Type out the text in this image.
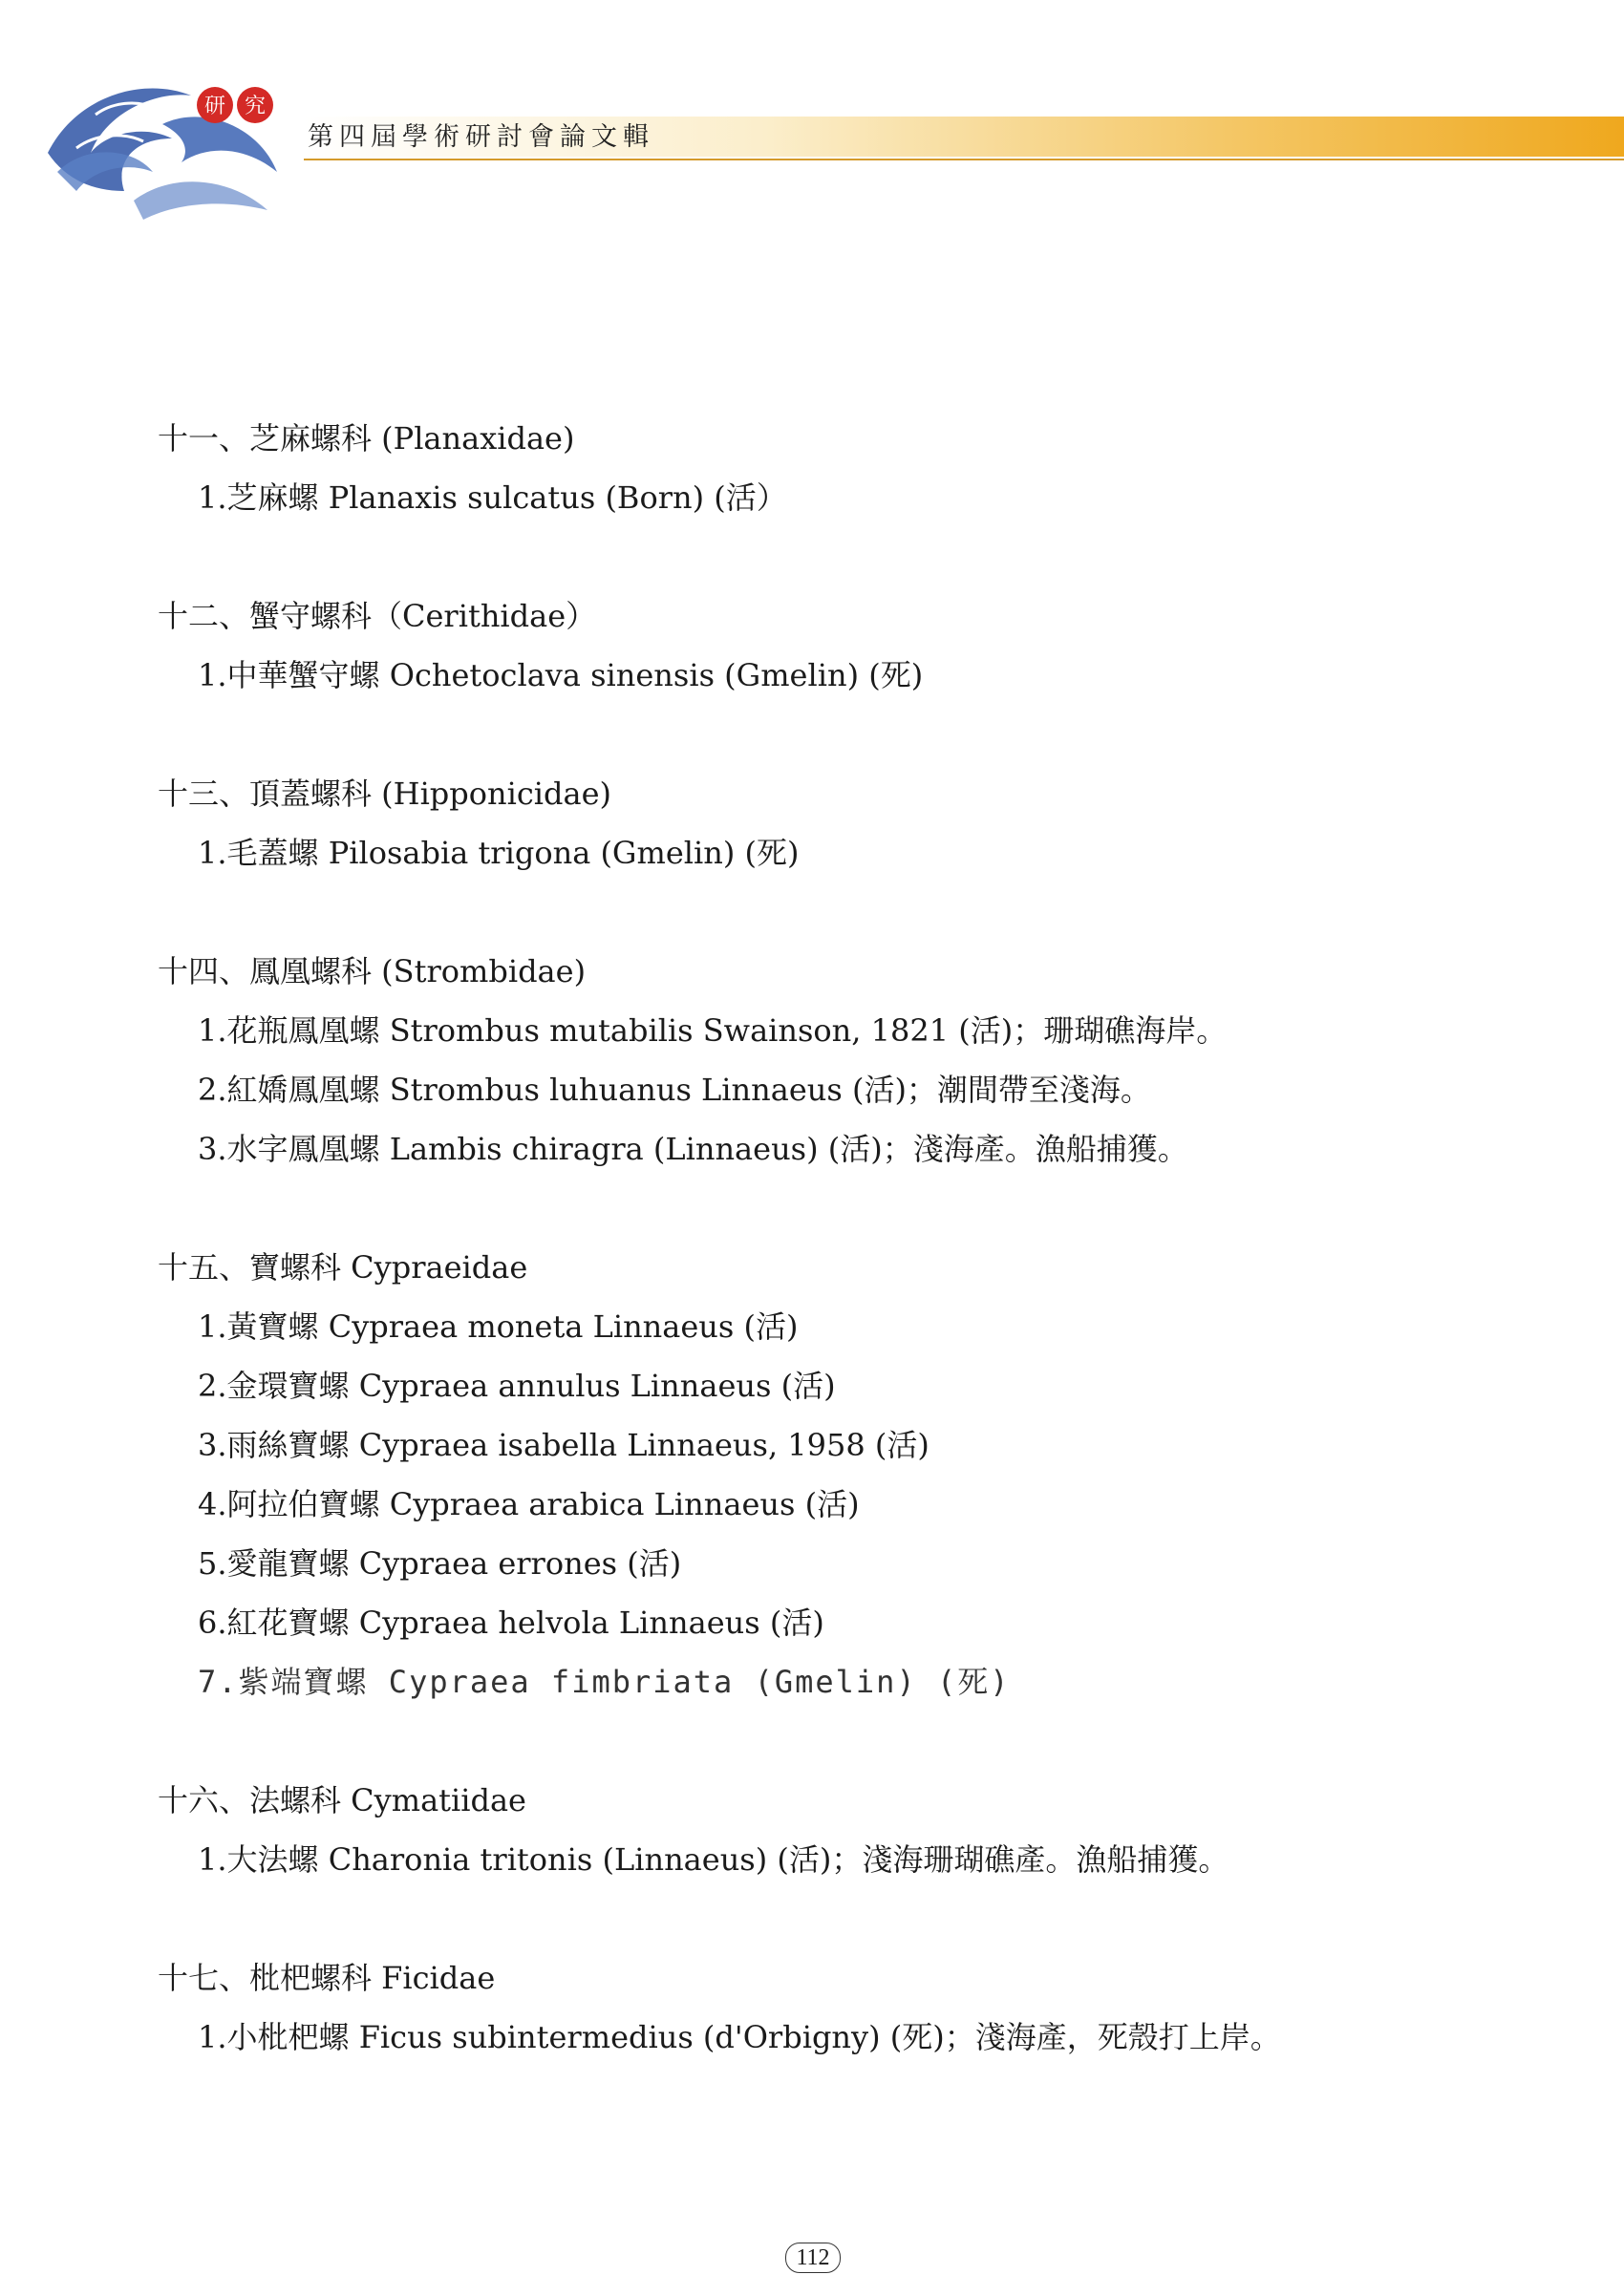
研 究
第四屆學術研討會論文輯
十一、芝麻螺科 (Planaxidae)
1.芝麻螺 Planaxis sulcatus (Born) (活）
十二、蟹守螺科（Cerithidae）
1.中華蟹守螺 Ochetoclava sinensis (Gmelin) (死)
十三、頂蓋螺科 (Hipponicidae)
1.毛蓋螺 Pilosabia trigona (Gmelin) (死)
十四、鳳凰螺科 (Strombidae)
1.花瓶鳳凰螺 Strombus mutabilis Swainson, 1821 (活)；珊瑚礁海岸。
2.紅嬌鳳凰螺 Strombus luhuanus Linnaeus (活)；潮間帶至淺海。
3.水字鳳凰螺 Lambis chiragra (Linnaeus) (活)；淺海產。漁船捕獲。
十五、寶螺科 Cypraeidae
1.黃寶螺 Cypraea moneta Linnaeus (活)
2.金環寶螺 Cypraea annulus Linnaeus (活)
3.雨絲寶螺 Cypraea isabella Linnaeus, 1958 (活)
4.阿拉伯寶螺 Cypraea arabica Linnaeus (活)
5.愛龍寶螺 Cypraea errones (活)
6.紅花寶螺 Cypraea helvola Linnaeus (活)
7.紫端寶螺 Cypraea fimbriata (Gmelin) (死)
十六、法螺科 Cymatiidae
1.大法螺 Charonia tritonis (Linnaeus) (活)；淺海珊瑚礁產。漁船捕獲。
十七、枇杷螺科 Ficidae
1.小枇杷螺 Ficus subintermedius (d'Orbigny) (死)；淺海產，死殼打上岸。
112
